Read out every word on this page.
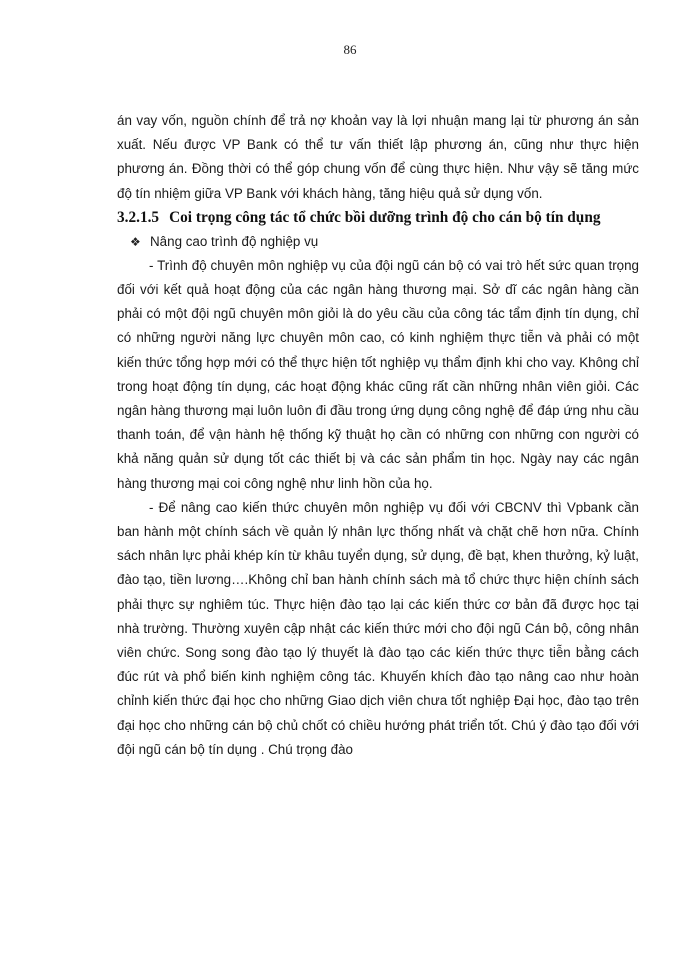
86

án vay vốn, nguồn chính để trả nợ khoản vay là lợi nhuận mang lại từ phương án sản xuất. Nếu được VP Bank có thể tư vấn thiết lập phương án, cũng như thực hiện phương án. Đồng thời có thể góp chung vốn để cùng thực hiện. Như vậy sẽ tăng mức độ tín nhiệm giữa VP Bank với khách hàng, tăng hiệu quả sử dụng vốn.

3.2.1.5 Coi trọng công tác tổ chức bồi dưỡng trình độ cho cán bộ tín dụng
❖ Nâng cao trình độ nghiệp vụ

- Trình độ chuyên môn nghiệp vụ của đội ngũ cán bộ có vai trò hết sức quan trọng đối với kết quả hoạt động của các ngân hàng thương mại. Sở dĩ các ngân hàng cần phải có một đội ngũ chuyên môn giỏi là do yêu cầu của công tác tẩm định tín dụng, chỉ có những người năng lực chuyên môn cao, có kinh nghiệm thực tiễn và phải có một kiến thức tổng hợp mới có thể thực hiện tốt nghiệp vụ thẩm định khi cho vay. Không chỉ trong hoạt động tín dụng, các hoạt động khác cũng rất cần những nhân viên giỏi. Các ngân hàng thương mại luôn luôn đi đầu trong ứng dụng công nghệ để đáp ứng nhu cầu thanh toán, để vận hành hệ thống kỹ thuật họ cần có những con những con người có khả năng quản sử dụng tốt các thiết bị và các sản phẩm tin học. Ngày nay các ngân hàng thương mại coi công nghệ như linh hồn của họ.

- Để nâng cao kiến thức chuyên môn nghiệp vụ đối với CBCNV thì Vpbank cần ban hành một chính sách về quản lý nhân lực thống nhất và chặt chẽ hơn nữa. Chính sách nhân lực phải khép kín từ khâu tuyển dụng, sử dụng, đề bạt, khen thưởng, kỷ luật, đào tạo, tiền lương….Không chỉ ban hành chính sách mà tổ chức thực hiện chính sách phải thực sự nghiêm túc. Thực hiện đào tạo lại các kiến thức cơ bản đã được học tại nhà trường. Thường xuyên cập nhật các kiến thức mới cho đội ngũ Cán bộ, công nhân viên chức. Song song đào tạo lý thuyết là đào tạo các kiến thức thực tiễn bằng cách đúc rút và phổ biến kinh nghiệm công tác. Khuyến khích đào tạo nâng cao như hoàn chỉnh kiến thức đại học cho những Giao dịch viên chưa tốt nghiệp Đại học, đào tạo trên đại học cho những cán bộ chủ chốt có chiều hướng phát triển tốt. Chú ý đào tạo đối với đội ngũ cán bộ tín dụng . Chú trọng đào
